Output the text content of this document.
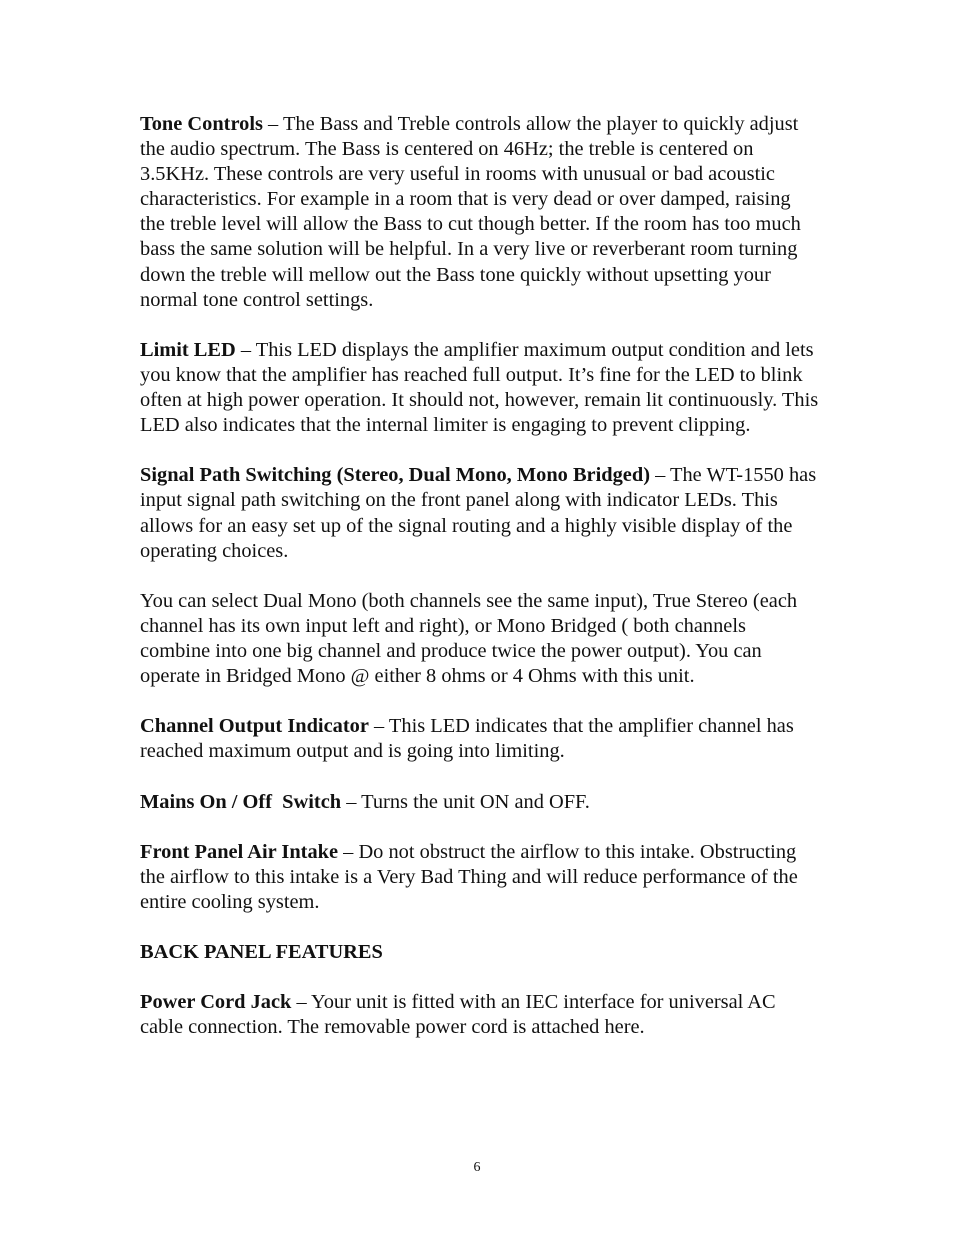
Tone Controls – The Bass and Treble controls allow the player to quickly adjust the audio spectrum. The Bass is centered on 46Hz; the treble is centered on 3.5KHz. These controls are very useful in rooms with unusual or bad acoustic characteristics. For example in a room that is very dead or over damped, raising the treble level will allow the Bass to cut though better. If the room has too much bass the same solution will be helpful. In a very live or reverberant room turning down the treble will mellow out the Bass tone quickly without upsetting your normal tone control settings.

Limit LED – This LED displays the amplifier maximum output condition and lets you know that the amplifier has reached full output. It’s fine for the LED to blink often at high power operation. It should not, however, remain lit continuously. This LED also indicates that the internal limiter is engaging to prevent clipping.

Signal Path Switching (Stereo, Dual Mono, Mono Bridged) – The WT-1550 has input signal path switching on the front panel along with indicator LEDs. This allows for an easy set up of the signal routing and a highly visible display of the operating choices.

You can select Dual Mono (both channels see the same input), True Stereo (each channel has its own input left and right), or Mono Bridged ( both channels combine into one big channel and produce twice the power output). You can operate in Bridged Mono @ either 8 ohms or 4 Ohms with this unit.

Channel Output Indicator – This LED indicates that the amplifier channel has reached maximum output and is going into limiting.

Mains On / Off  Switch – Turns the unit ON and OFF.

Front Panel Air Intake – Do not obstruct the airflow to this intake. Obstructing the airflow to this intake is a Very Bad Thing and will reduce performance of the entire cooling system.

BACK PANEL FEATURES

Power Cord Jack – Your unit is fitted with an IEC interface for universal AC cable connection. The removable power cord is attached here.

6
